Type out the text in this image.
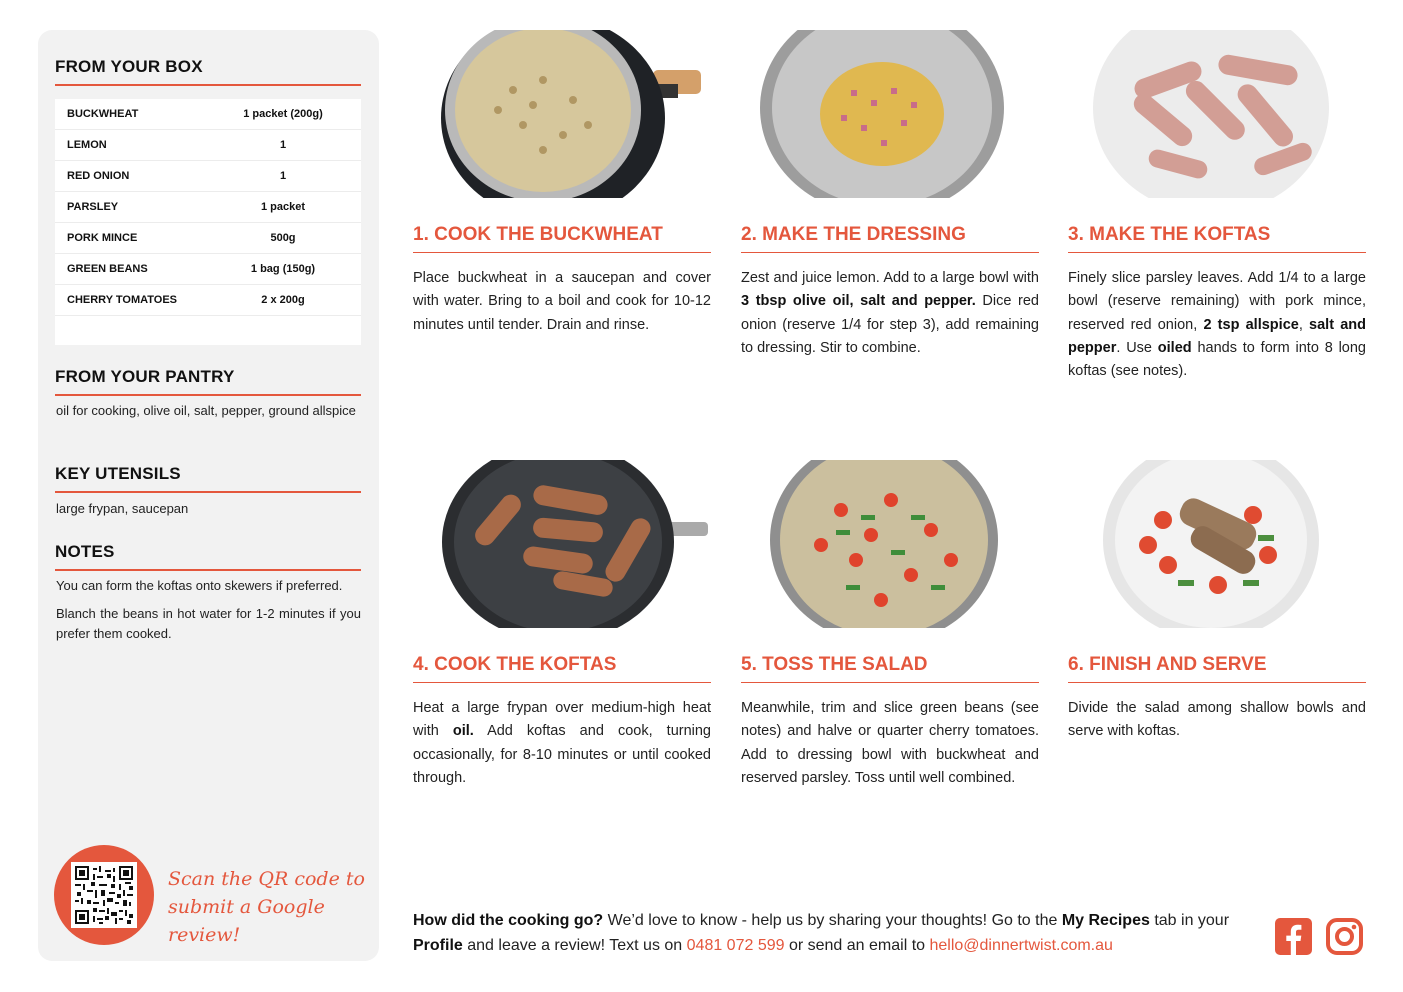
FROM YOUR BOX
BUCKWHEAT	1 packet (200g)
LEMON	1
RED ONION	1
PARSLEY	1 packet
PORK MINCE	500g
GREEN BEANS	1 bag (150g)
CHERRY TOMATOES	2 x 200g
FROM YOUR PANTRY
oil for cooking, olive oil, salt, pepper, ground allspice
KEY UTENSILS
large frypan, saucepan
NOTES
You can form the koftas onto skewers if preferred.
Blanch the beans in hot water for 1-2 minutes if you prefer them cooked.
Scan the QR code to
submit a Google review!
1. COOK THE BUCKWHEAT
Place buckwheat in a saucepan and cover with water. Bring to a boil and cook for 10-12 minutes until tender. Drain and rinse.
2. MAKE THE DRESSING
Zest and juice lemon. Add to a large bowl with 3 tbsp olive oil, salt and pepper. Dice red onion (reserve 1/4 for step 3), add remaining to dressing. Stir to combine.
3. MAKE THE KOFTAS
Finely slice parsley leaves. Add 1/4 to a large bowl (reserve remaining) with pork mince, reserved red onion, 2 tsp allspice, salt and pepper. Use oiled hands to form into 8 long koftas (see notes).
4. COOK THE KOFTAS
Heat a large frypan over medium-high heat with oil. Add koftas and cook, turning occasionally, for 8-10 minutes or until cooked through.
5. TOSS THE SALAD
Meanwhile, trim and slice green beans (see notes) and halve or quarter cherry tomatoes. Add to dressing bowl with buckwheat and reserved parsley. Toss until well combined.
6. FINISH AND SERVE
Divide the salad among shallow bowls and serve with koftas.
How did the cooking go? We’d love to know - help us by sharing your thoughts! Go to the My Recipes tab in your Profile and leave a review! Text us on 0481 072 599 or send an email to hello@dinnertwist.com.au
